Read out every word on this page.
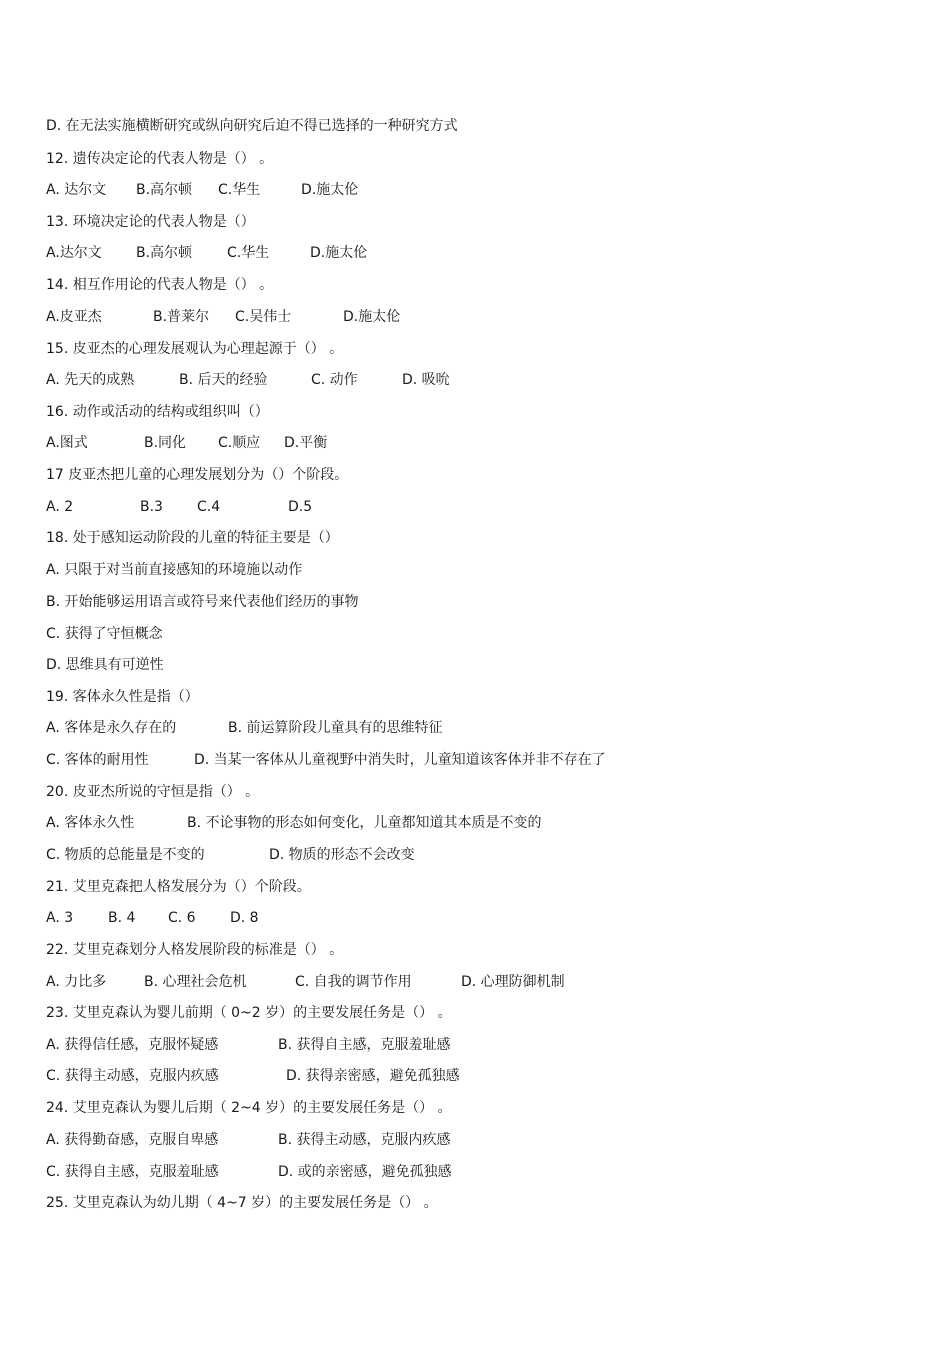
D. 在无法实施横断研究或纵向研究后迫不得已选择的一种研究方式
12. 遗传决定论的代表人物是（） 。
A. 达尔文 B.高尔顿 C.华生	D.施太伦
13. 环境决定论的代表人物是（）
A.达尔文 B.高尔顿 C.华生	D.施太伦
14. 相互作用论的代表人物是（） 。
A.皮亚杰	B.普莱尔 C.吴伟士	D.施太伦
15. 皮亚杰的心理发展观认为心理起源于（） 。
A. 先天的成熟	B. 后天的经验	C. 动作	D. 吸吮
16. 动作或活动的结构或组织叫（）
A.图式	B.同化 C.顺应 D.平衡
17 皮亚杰把儿童的心理发展划分为（）个阶段。
A. 2	B.3 C.4	D.5
18. 处于感知运动阶段的儿童的特征主要是（）
A. 只限于对当前直接感知的环境施以动作
B. 开始能够运用语言或符号来代表他们经历的事物
C. 获得了守恒概念
D. 思维具有可逆性
19. 客体永久性是指（）
A. 客体是永久存在的	B. 前运算阶段儿童具有的思维特征
C. 客体的耐用性	D. 当某一客体从儿童视野中消失时，儿童知道该客体并非不存在了
20. 皮亚杰所说的守恒是指（） 。
A. 客体永久性	B. 不论事物的形态如何变化，儿童都知道其本质是不变的
C. 物质的总能量是不变的	D. 物质的形态不会改变
21. 艾里克森把人格发展分为（）个阶段。
A. 3 B. 4 C. 6 D. 8
22. 艾里克森划分人格发展阶段的标准是（） 。
A. 力比多	B. 心理社会危机	C. 自我的调节作用	D. 心理防御机制
23. 艾里克森认为婴儿前期（ 0~2 岁）的主要发展任务是（） 。
A. 获得信任感，克服怀疑感	B. 获得自主感，克服羞耻感
C. 获得主动感，克服内疚感	D. 获得亲密感，避免孤独感
24. 艾里克森认为婴儿后期（ 2~4 岁）的主要发展任务是（） 。
A. 获得勤奋感，克服自卑感	B. 获得主动感，克服内疚感
C. 获得自主感，克服羞耻感	D. 或的亲密感，避免孤独感
25. 艾里克森认为幼儿期（ 4~7 岁）的主要发展任务是（） 。
